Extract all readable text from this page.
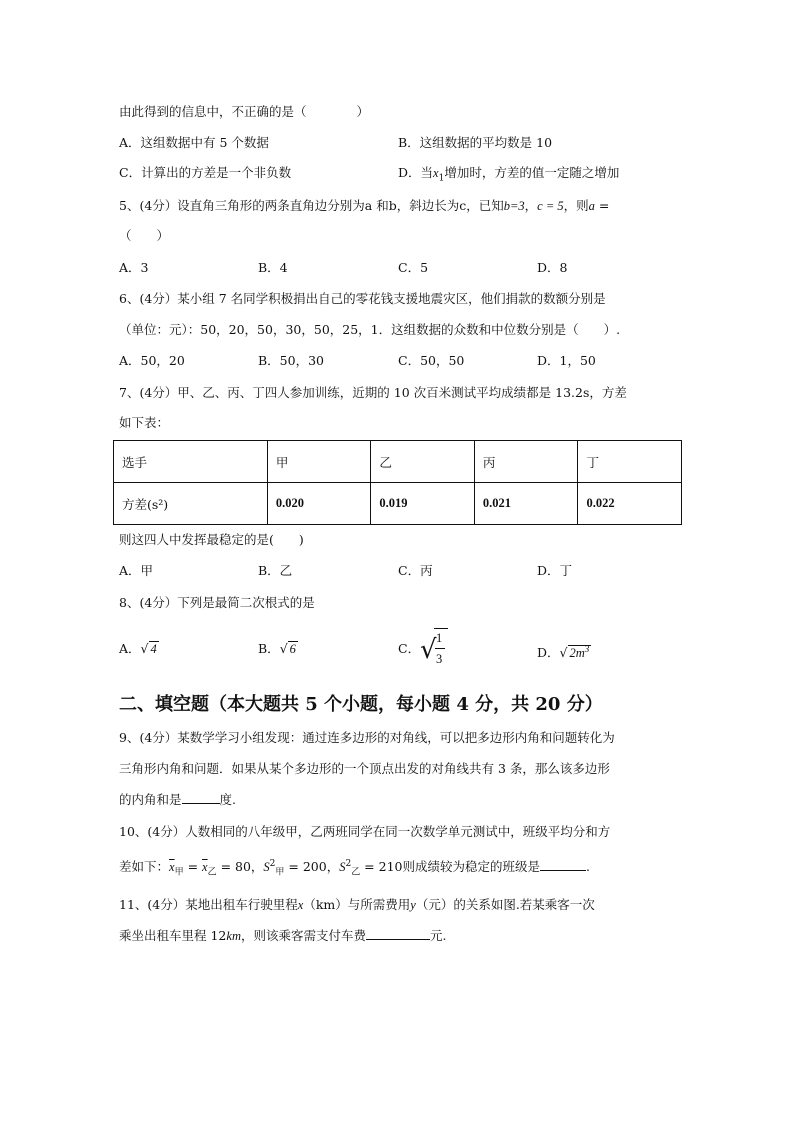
由此得到的信息中，不正确的是（　　　　）
A．这组数据中有 5 个数据	B．这组数据的平均数是 10
C．计算出的方差是一个非负数	D．当$x_1$增加时，方差的值一定随之增加
5、(4分）设直角三角形的两条直角边分别为a 和b，斜边长为c，已知b=3，c = 5，则a =
（　　）
A．3	B．4	C．5	D．8
6、(4分）某小组 7 名同学积极捐出自己的零花钱支援地震灾区，他们捐款的数额分别是
（单位：元）：50，20，50，30，50，25，1．这组数据的众数和中位数分别是（　　）.
A．50，20	B．50，30	C．50，50	D．1，50
7、(4分）甲、乙、丙、丁四人参加训练，近期的 10 次百米测试平均成绩都是 13.2s，方差
如下表：
选手	甲	乙	丙	丁
方差(s²)	0.020	0.019	0.021	0.022
则这四人中发挥最稳定的是(　　)
A．甲	B．乙	C．丙	D．丁
8、(4分）下列是最简二次根式的是
A．√ 4	B．√ 6	C． √ 1
3	D．√ $2m^3$
二、填空题（本大题共 5 个小题，每小题 4 分，共 20 分）
9、(4分）某数学学习小组发现：通过连多边形的对角线，可以把多边形内角和问题转化为
三角形内角和问题．如果从某个多边形的一个顶点出发的对角线共有 3 条，那么该多边形
的内角和是	度.
10、(4分）人数相同的八年级甲，乙两班同学在同一次数学单元测试中，班级平均分和方
差如下：$\overline{x}_甲 = \overline{x}_乙 = 80$，$S^2_甲 = 200$，$S^2_乙 = 210$则成绩较为稳定的班级是	.
11、(4分）某地出租车行驶里程x（km）与所需费用y（元）的关系如图.若某乘客一次
乘坐出租车里程 12km，则该乘客需支付车费	元.
